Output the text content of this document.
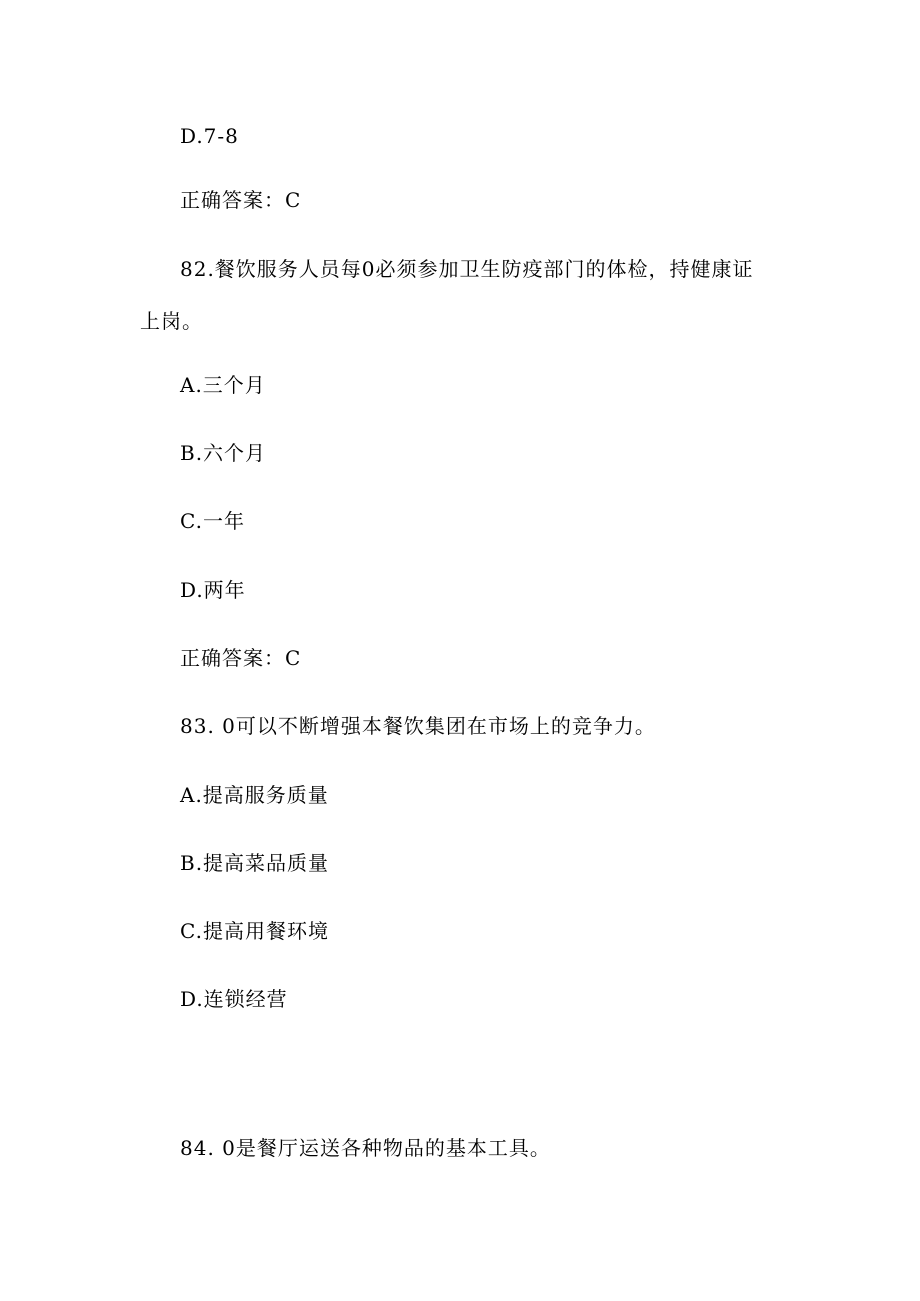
D.7-8
正确答案：C
82.餐饮服务人员每0必须参加卫生防疫部门的体检，持健康证
上岗。
A.三个月
B.六个月
C.一年
D.两年
正确答案：C
83. 0可以不断增强本餐饮集团在市场上的竞争力。
A.提高服务质量
B.提高菜品质量
C.提高用餐环境
D.连锁经营
84. 0是餐厅运送各种物品的基本工具。
